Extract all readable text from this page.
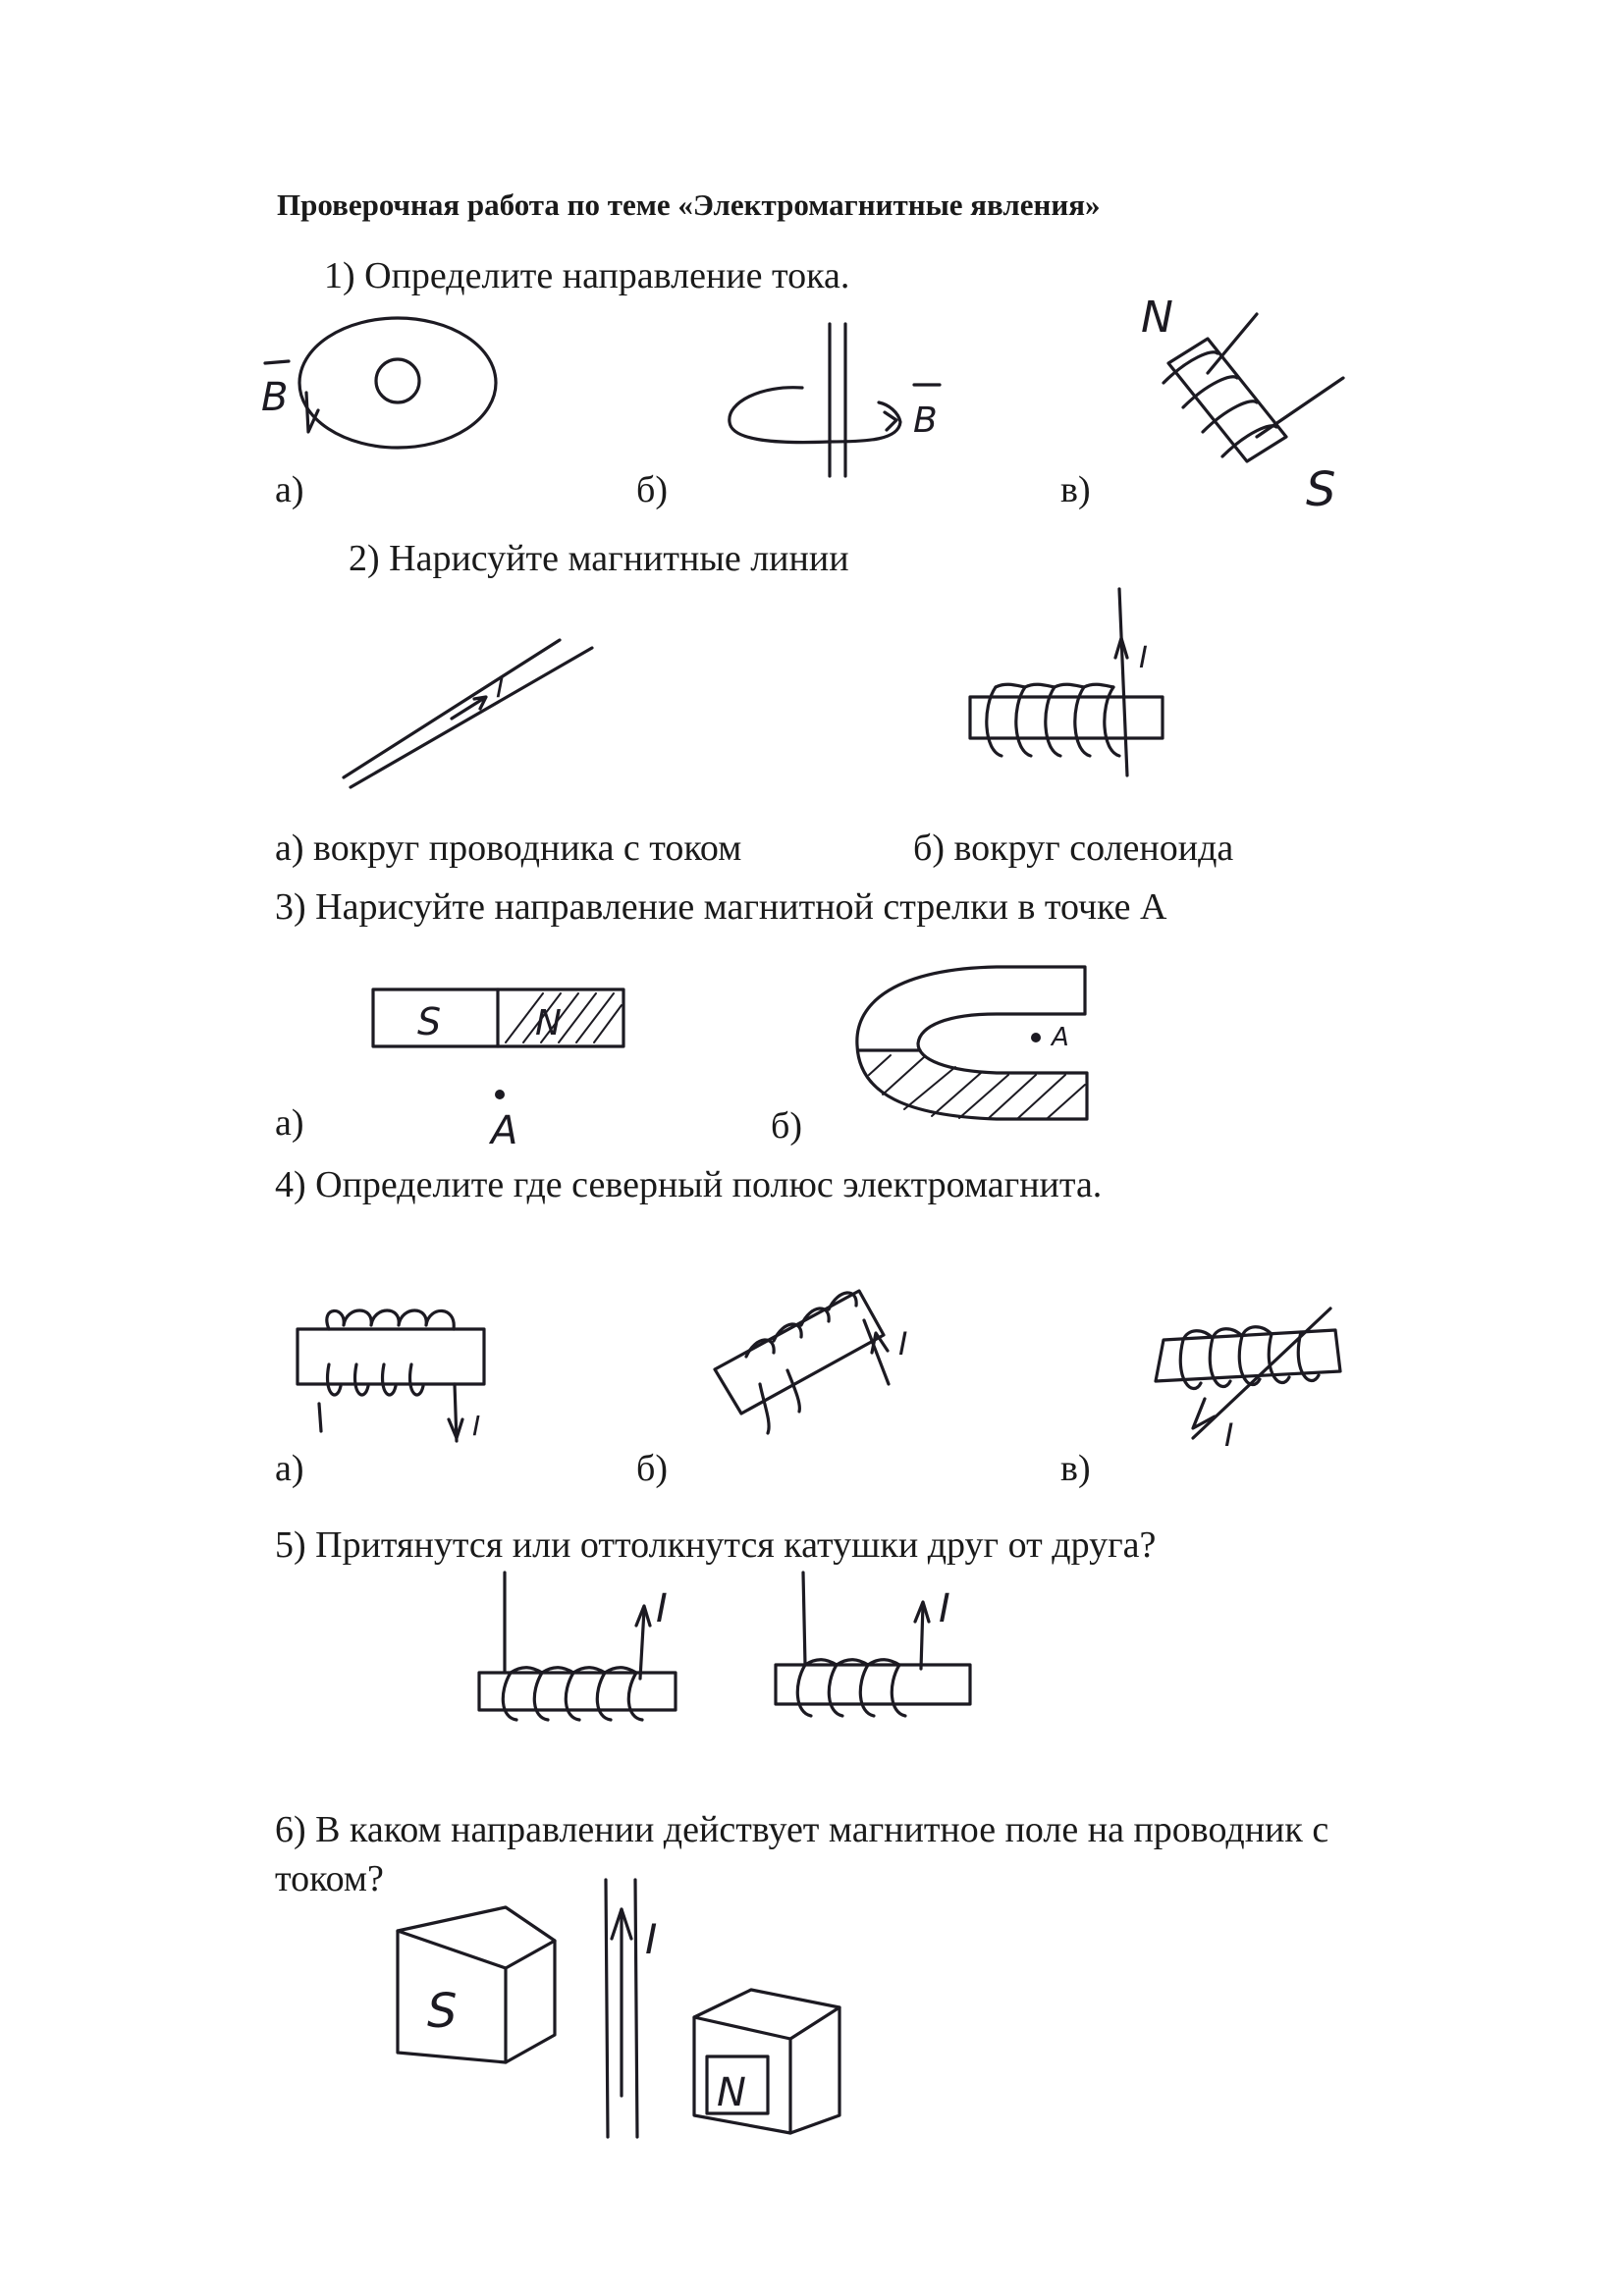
Проверочная работа по теме «Электромагнитные явления»
1) Определите направление тока.
а)	б)	в)
B
B
N
S
2) Нарисуйте магнитные линии
а) вокруг проводника с током	б) вокруг соленоида
I
I
3) Нарисуйте направление магнитной стрелки в точке А
а)	б)
S	N
A
A
4) Определите где северный полюс электромагнита.
а)	б)	в)
I
I
I
5) Притянутся или оттолкнутся катушки друг от друга?
I	I
6) В каком направлении действует магнитное поле на проводник с
током?
S
I
N
